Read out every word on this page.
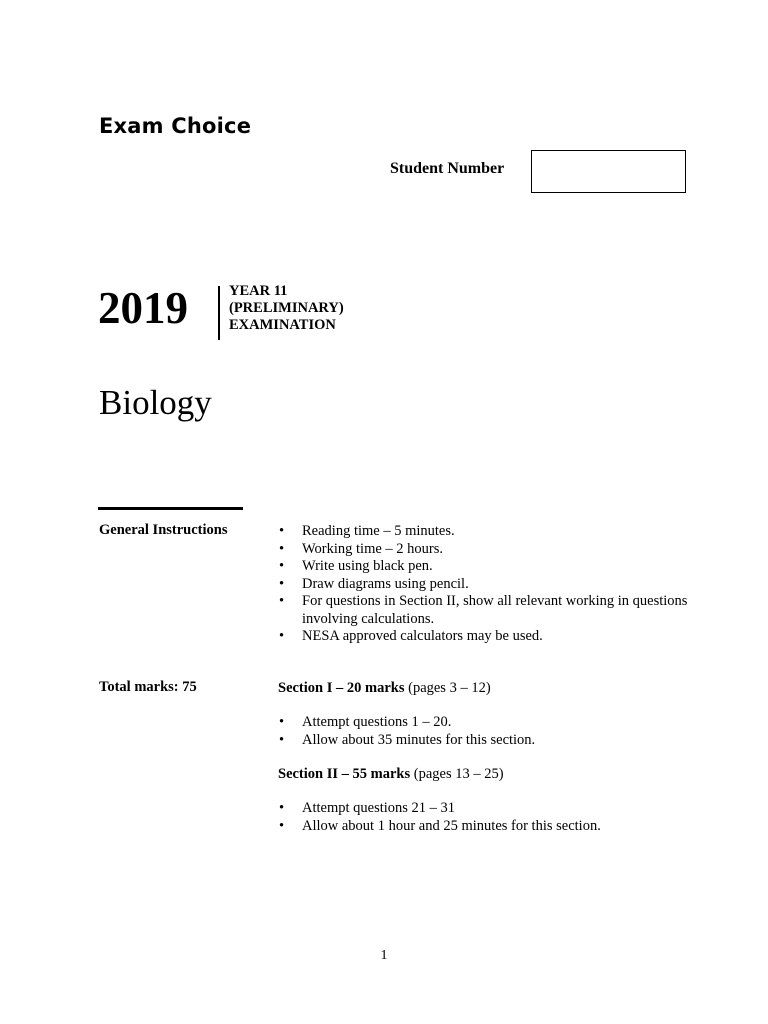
Exam Choice
Student Number
2019	YEAR 11
(PRELIMINARY)
EXAMINATION
Biology
General Instructions
•	Reading time – 5 minutes.
• Working time – 2 hours.
• Write using black pen.
• Draw diagrams using pencil.
• For questions in Section II, show all relevant working in questions involving calculations.
• NESA approved calculators may be used.
Total marks: 75	Section I – 20 marks (pages 3 – 12)
• Attempt questions 1 – 20.
• Allow about 35 minutes for this section.
Section II – 55 marks (pages 13 – 25)
• Attempt questions 21 – 31
• Allow about 1 hour and 25 minutes for this section.
1
